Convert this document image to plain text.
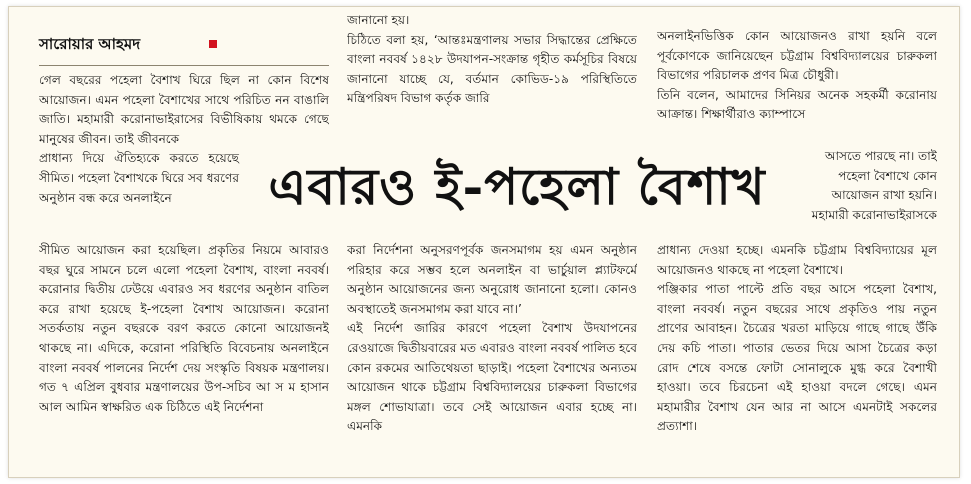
জানানো হয়।

চিঠিতে বলা হয়, ‘আন্তঃমন্ত্রণালয় সভার সিদ্ধান্তের প্রেক্ষিতে বাংলা নববর্ষ ১৪২৮ উদযাপন-সংক্রান্ত গৃহীত কর্মসূচির বিষয়ে জানানো যাচ্ছে যে, বর্তমান কোভিড-১৯ পরিস্থিতিতে মন্ত্রিপরিষদ বিভাগ কর্তৃক জারি

সারোয়ার আহমদ

গেল বছরের পহেলা বৈশাখ ঘিরে ছিল না কোন বিশেষ আয়োজন। এমন পহেলা বৈশাখের সাথে পরিচিত নন বাঙালি জাতি। মহামারী করোনাভাইরাসের বিভীষিকায় থমকে গেছে মানুষের জীবন। তাই জীবনকে

প্রাধান্য দিয়ে ঐতিহ্যকে করতে হয়েছে সীমিত। পহেলা বৈশাখকে ঘিরে সব ধরণের অনুষ্ঠান বন্ধ করে অনলাইনে

অনলাইনভিত্তিক কোন আয়োজনও রাখা হয়নি বলে পূর্বকোণকে জানিয়েছেন চট্টগ্রাম বিশ্ববিদ্যালয়ের চারুকলা বিভাগের পরিচালক প্রণব মিত্র চৌধুরী।

তিনি বলেন, আমাদের সিনিয়র অনেক সহকর্মী করোনায় আক্রান্ত। শিক্ষার্থীরাও ক্যাম্পাসে

আসতে পারছে না। তাই পহেলা বৈশাখে কোন আয়োজন রাখা হয়নি। মহামারী করোনাভাইরাসকে

এবারও ই-পহেলা বৈশাখ

সীমিত আয়োজন করা হয়েছিল। প্রকৃতির নিয়মে আবারও বছর ঘুরে সামনে চলে এলো পহেলা বৈশাখ, বাংলা নববর্ষ। করোনার দ্বিতীয় ঢেউয়ে এবারও সব ধরণের অনুষ্ঠান বাতিল করে রাখা হয়েছে ই-পহেলা বৈশাখ আয়োজন। করোনা সতর্কতায় নতুন বছরকে বরণ করতে কোনো আয়োজনই থাকছে না। এদিকে, করোনা পরিস্থিতি বিবেচনায় অনলাইনে বাংলা নববর্ষ পালনের নির্দেশ দেয় সংস্কৃতি বিষয়ক মন্ত্রণালয়। গত ৭ এপ্রিল বুধবার মন্ত্রণালয়ের উপ-সচিব আ স ম হাসান আল আমিন স্বাক্ষরিত এক চিঠিতে এই নির্দেশনা

করা নির্দেশনা অনুসরণপূর্বক জনসমাগম হয় এমন অনুষ্ঠান পরিহার করে সম্ভব হলে অনলাইন বা ভার্চুয়াল প্ল্যাটফর্মে অনুষ্ঠান আয়োজনের জন্য অনুরোধ জানানো হলো। কোনও অবস্থাতেই জনসমাগম করা যাবে না।’

এই নির্দেশ জারির কারণে পহেলা বৈশাখ উদযাপনের রেওয়াজে দ্বিতীয়বারের মত এবারও বাংলা নববর্ষ পালিত হবে কোন রকমের আতিথেয়তা ছাড়াই। পহেলা বৈশাখের অন্যতম আয়োজন থাকে চট্টগ্রাম বিশ্ববিদ্যালয়ের চারুকলা বিভাগের মঙ্গল শোভাযাত্রা। তবে সেই আয়োজন এবার হচ্ছে না। এমনকি

প্রাধান্য দেওয়া হচ্ছে। এমনকি চট্টগ্রাম বিশ্ববিদ্যায়ের মূল আয়োজনও থাকছে না পহেলা বৈশাখে।

পঞ্জিকার পাতা পাল্টে প্রতি বছর আসে পহেলা বৈশাখ, বাংলা নববর্ষ। নতুন বছরের সাথে প্রকৃতিও পায় নতুন প্রাণের আবাহন। চৈত্রের খরতা মাড়িয়ে গাছে গাছে উঁকি দেয় কচি পাতা। পাতার ভেতর দিয়ে আসা চৈত্রের কড়া রোদ শেষে বসন্তে ফোটা সোনালুকে মুগ্ধ করে বৈশাখী হাওয়া। তবে চিরচেনা এই হাওয়া বদলে গেছে। এমন মহামারীর বৈশাখ যেন আর না আসে এমনটাই সকলের প্রত্যাশা।
